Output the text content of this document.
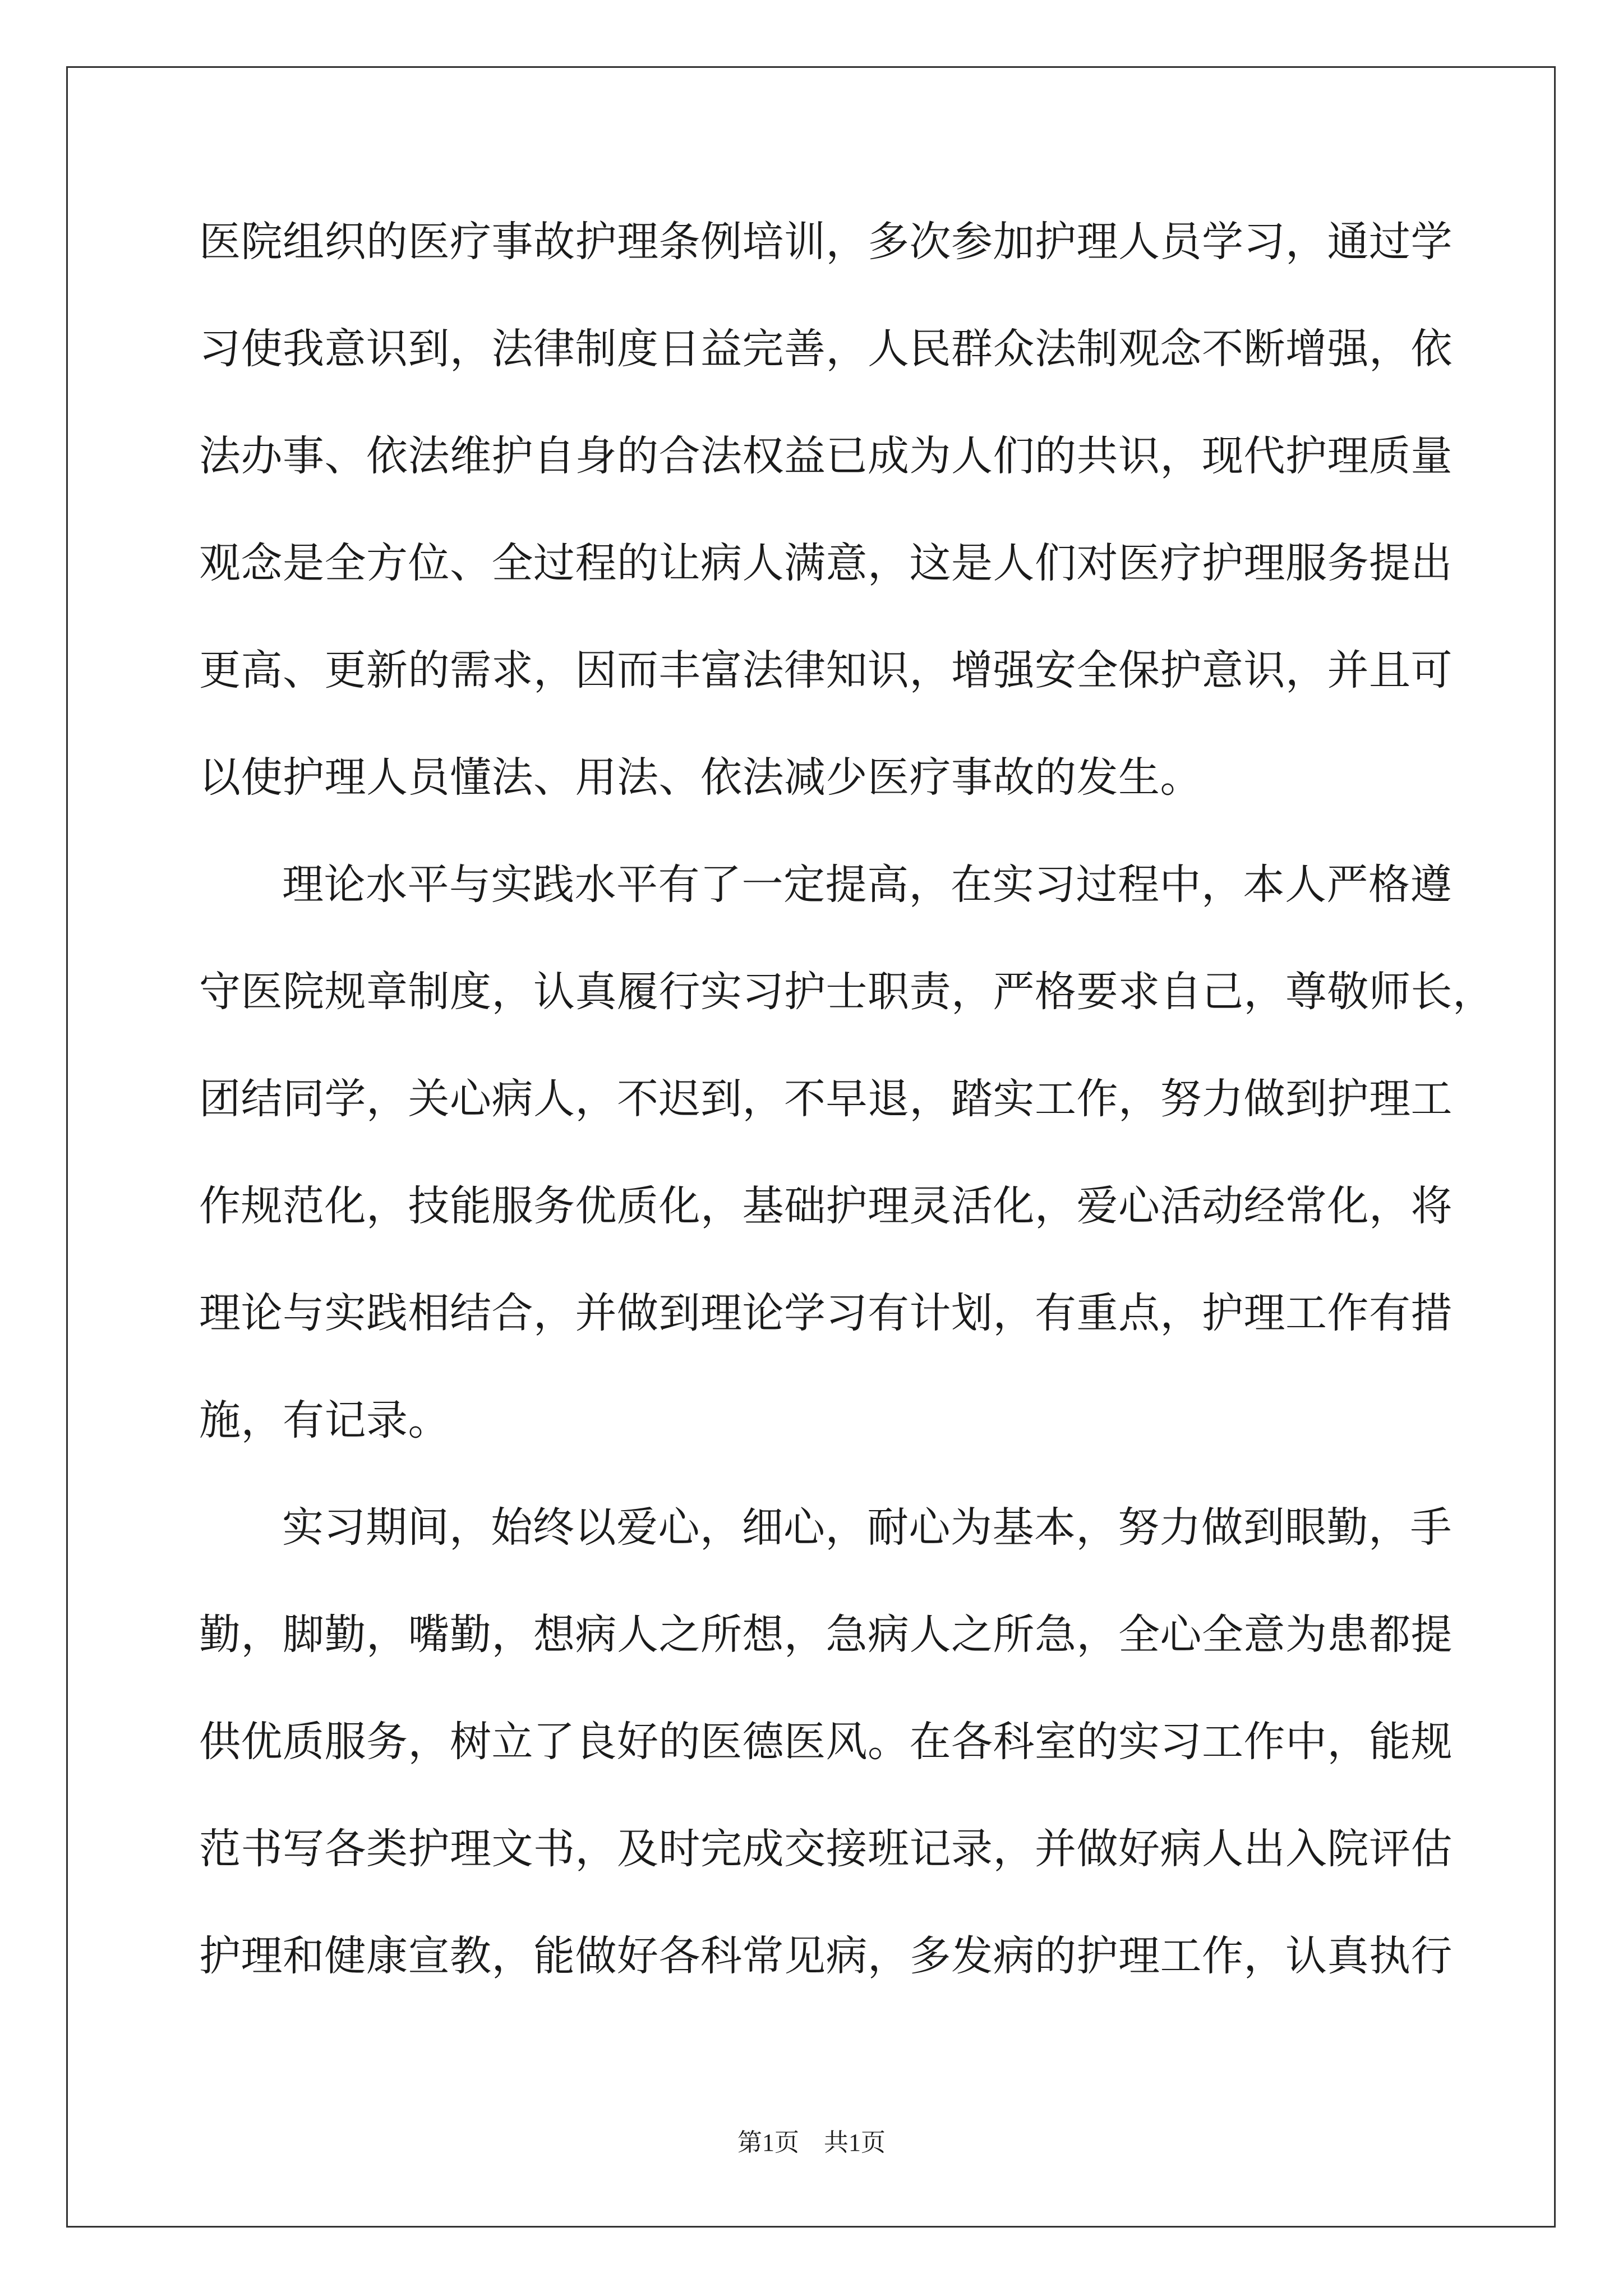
医院组织的医疗事故护理条例培训，多次参加护理人员学习，通过学
习使我意识到，法律制度日益完善，人民群众法制观念不断增强，依
法办事、依法维护自身的合法权益已成为人们的共识，现代护理质量
观念是全方位、全过程的让病人满意，这是人们对医疗护理服务提出
更高、更新的需求，因而丰富法律知识，增强安全保护意识，并且可
以使护理人员懂法、用法、依法减少医疗事故的发生。
理论水平与实践水平有了一定提高，在实习过程中，本人严格遵
守医院规章制度，认真履行实习护士职责，严格要求自己，尊敬师长，
团结同学，关心病人，不迟到，不早退，踏实工作，努力做到护理工
作规范化，技能服务优质化，基础护理灵活化，爱心活动经常化，将
理论与实践相结合，并做到理论学习有计划，有重点，护理工作有措
施，有记录。
实习期间，始终以爱心，细心，耐心为基本，努力做到眼勤，手
勤，脚勤，嘴勤，想病人之所想，急病人之所急，全心全意为患都提
供优质服务，树立了良好的医德医风。在各科室的实习工作中，能规
范书写各类护理文书，及时完成交接班记录，并做好病人出入院评估
护理和健康宣教，能做好各科常见病，多发病的护理工作，认真执行
第1页 共1页
